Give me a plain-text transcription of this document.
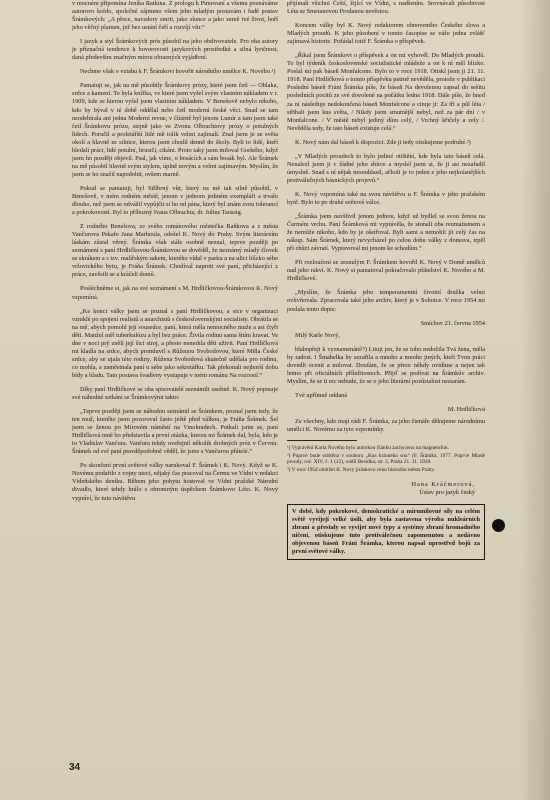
v mocném připomína Jeníka Ratkina. Z prologu k Pimovaní a všemu poznáváme autorovo krédo, společné zájmeno všem jeho mladým postavám i řadě postav Šrámkových: „A přece, navzdory smrti, jako slunce a jako země tvé život, hoří jeho věčný plamen, jež bez ustání čeří a rozvíjí vítr.“

I jazyk a styl Šrámkových prós působil na jeho obdivovatele. Pro oba autory je příznačná tendence k hovorovosti jazykových prostředků a silná lyričnost, daná především značným mírou obrazných vyjádření.

Nechme však o vztahu k F. Šrámkovi hovořit národního umělce K. Nového.¹)

Pamatuji se, jak na mě působily Šrámkovy prózy, které jsem četl — Oblaka, srdce a kamení. To byla knížka, ve které jsem vyšel svým vlastním nákladem v r. 1909, kde se kterou vyšel jsem vlastním nákladem. V Benešově nebylo nikoho, kdo by býval v té době oddělal nebo četl moderní české věci. Snad se tam neodebírala ani jedna Moderní revue, v čítárně byl jenom Lumír a tam jsem také četl Šrámkovu prózu, stejně jako ve Zvonu Olbrachtovy prózy o potulných lidech. Poručil a proletářští lidé mě tolik velmi zajímali. Znal jsem je ze světa okolí a hlavně ze silnice, kterou jsem chodil denně do školy. Byli to lidé, kteří hledali práci, lidé potulní, brusiči, cikáni. Proto taky jsem miloval Gorkého, když jsem ho později objevil. Psal, jak víme, o bosácích a sám bosák byl. Ale Šrámek na mě působil hlavně svým stylem, úplně novým a velmi zajímavým. Myslím, že jsem se ho snažil napodobit, ovšem marně.

Pokud se pamatuji, byl Stříbrný vítr, který na mě tak silně působil, v Benešově, v mém rodném městě, jenom v jednom jediném exempláři a trvalo dlouho, než jsem se odvážil vypůjčit si ho od pána, který byl znám svou tolerancí a pokrokovostí. Byl to příbuzný Ivana Olbrachta, dr. Julius Taussig.

Z rodného Benešova, ze svého románového městečka Raňkova a z města Vančurova Pekaře Jana Marhoula, odešel K. Nový do Prahy. Svým literárním láskám zůstal věrný. Šrámka však stále osobně neznal, teprve později po seznámení s paní Hrdličkovou-Šrámkovou se dověděl, že neznámý mladý človek se skrákem a s tzv. malířským sakem, kterého vídal v parku a na ulici blízko sého vršovického bytu, je Fráňa Šrámek. Chodíval naproti své paní, přicházející z práce, zavěsili se a kráčeli domů.

Posléchněme si, jak na své seznámení s M. Hrdličkovou-Šrámkovou K. Nový vzpomíná.

„Ke konci války jsem se poznal s paní Hrdličkovou, a sice v organizaci vzniklé po spojení realistů a anarchistů s československými socialisty. Obrátila se na mě, abych pomohl její sousedce, paní, která měla nemocného muže a asi čtyři děti. Manžel měl tuberkulózu a byl bez práce. Živila rodinu sama šitím kravat. Ve dne v noci prý znělí její šicí stroj, a přesto nemohla děti uživit. Paní Hrdličková mi kladla na srdce, abych promluvil s Růženou Svobodovou, které Milla České srdce, aby se ujala této rodiny. Růžena Svobodová skutečně udělala pro rodinu, co mohla, a zaměstnala paní u sebe jako sekretářku. Tak překonali nejhorší dobu bídy a hladu. Tato postava švadleny vystupuje v mém románu Na rozcestí.“

Díky paní Hrdličkové se oba spisovatelé seznámili osobně. K. Nový popisuje své náhodné setkání se Šrámkovými takto:

„Teprve později jsem se náhodou seznámil se Šrámkem, poznal jsem tedy, že ten muž, kterého jsem pozoroval často ještě před válkou, je Fráňa Šrámek. Šel jsem se ženou po Mírovém náměstí na Vinohradech. Potkali jsme se, paní Hrdličková mně bo představila a první otázka, kterou mi Šrámek dal, byla, kdo je to Vladislav Vančura. Vančura tehdy uveřejnil několik drobných próz v Červnu. Šrámek od své paní pravděpodobně věděl, že jsme s Vančurou přátelé.“

Po skončení první světové války narukoval F. Šrámek i K. Nový. Když se K. Novému podařilo z vojny uteci, nějaký čas pracoval na Čermu ve Vídni v redakci Vídeňského deníku. Během jeho pobytu hostoval ve Vídni pražské Národní divadlo, které tehdy hrálo s ohromným úspěchem Šrámkovo Léto. K. Nový vypráví, že tuto návštěvu

přijímali všichni Čeští, žijící ve Vídni, s nadšením. Srovnávali působivost Léta se Smetanovou Prodanou nevěstou.

Koncem války byl K. Nový redaktorem obnoveného Českého slova a Mladých proudů. K jeho působení v tomto časopise se váže jedna zvlášť zajímavá historie. Požádal totiž F. Šrámka o příspěvek.

„Říkal jsem Šrámkovi o příspěvek a on mi vyhověl. Do Mladých proudů. To byl týdeník československé socialistické mládeže a on k ní měl blízko. Poslal mi pak báseň Monfalcone. Bylo to v roce 1918. Otiskl jsem ji 21. 11. 1918. Paní Hrdličková o tomto příspěvku patrně nevěděla, protože v publikaci Poslední báseň Fráni Šrámka píše, že báseň Na devolenou zapsal do sešitu posledních pocitů ze své dovolené na počátku ledna 1918. Dále píše, že hned za ní následuje nedokončená báseň Monfalcone a cituje ji: Za tři a půl léta / střihali jsem kus světa, / Nikdy jsem smutnější nebyl, než za pár dní / v Monfalcone. / V městě nebyl jediný dům celý, / Vrchný křičely a zely /. Nevěděla tedy, že tato báseň existuje celá.“

K. Nový nám dal báseň k dispozici. Zde ji tedy otiskujeme podruhé.²)

„V Mladých proudech to bylo jediné otištění, kde byla tato báseň celá. Nenalezl jsem ji v žádné jeho sbírce a myslel jsem si, že ji asi nezařadil úmyslně. Snad s ní nějak nesouhlasil, ačkoli je to jeden z jeho nejkrásnějších protiválečných básnických projevů.“

K. Nový vzpomíná také na svou návštěvu u F. Šrámka v jeho pražském bytě. Bylo to po druhé světové válce.

„Šrámka jsem navštívil jenom jednou, když už bydlel se svou ženou na Čermém vrchu. Paní Šrámková mi vyprávěla, že stonali oba reumatismem a že nemůže nikoho, kdo by je ošetřoval. Byli sami a nemohli jít celý čas na nákup. Sám Šrámek, který nevycházel po celou dobu války z domova, trpěl při chůzi závratí. Vypravoval mi jenom ke schodům.“

Při rozloučení se zesnulým F. Šrámkem hovořil K. Nový v Domě umělců nad jeho rakví. K. Nový si pamatoval pokračovalo přátelství K. Nového a M. Hrdličkové.

„Myslím, že Šrámka jeho temperamentní životní družka velmi ovlivňovala. Zpracovala také jeho archiv, který je v Sobotce. V roce 1954 mi poslala tento dopis:

Smíchov 21. června 1954

Milý Karle Nový,

blahopřeji k vyznamenání!³) Lituji jen, že se toho nedožila Tvá žena, měla by radost. I Šmahelka by sezařila a mnoho a mnoho jiných, kteří Tvou práci dovedli ocenit a milovat. Doufám, že se přece někdy uvidíme a nejen tak letmo při oficiálních příležitostech. Přijď se podívat na Šrámkův archiv. Myslím, že se ti nic nebude, že se o jeho literární pozůstalost nestarám.

Tvé upřímně oddaná

M. Hrdličková

Ze všechny, kdo mají rádi F. Šrámka, za jeho čtenáře děkujeme národnímu umělci K. Novému za tyto vzpomínky.

¹) Vyprávění Karla Nového bylo autorkou článku zachyceno na magnetofon.
²) Poprvé bude otištěna v souboru „Kus krásného snu“ (F. Šrámka, 1977. Poprvé Mladé proudy, roč. XIV, č. 1 (12), oddíl Besídka, str. 2, Praha 21. 11. 1918.
³) V roce 1954 obdržel K. Nový jiráskovu cenu hlavního města Prahy.
Hana Kráčmerová,
Ústav pro jazyk český
V době, kdy pokrokové, demokratické a mírumilovné síly na celém světě vyvíjejí velké úsilí, aby byla zastavena výroba nukleárních zbraní a přestaly se vyvíjet nové typy a systémy zbraní hromadného ničení, otiskujeme tuto protiválečnou zapomenutou a nedávno objevenou báseň Fráni Šrámka, kterou napsal uprostřed bojů za první světové války.
34
